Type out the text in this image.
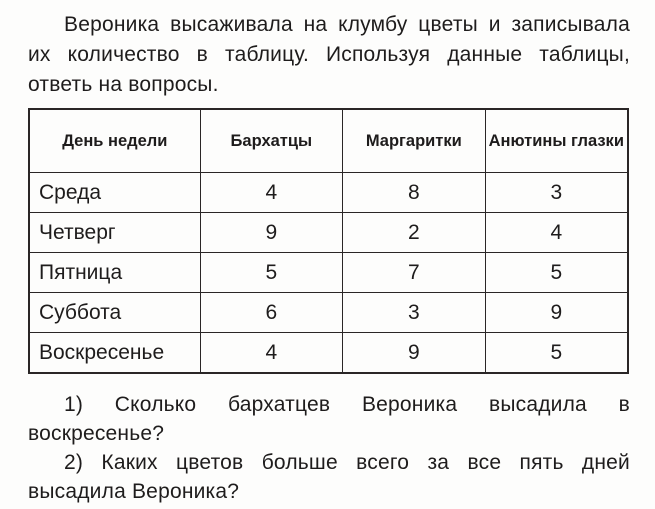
Вероника высаживала на клумбу цветы и записывала их количество в таблицу. Используя данные таблицы, ответь на вопросы.

День недели	Бархатцы	Маргаритки	Анютины глазки
Среда	4	8	3
Четверг	9	2	4
Пятница	5	7	5
Суббота	6	3	9
Воскресенье	4	9	5

1) Сколько бархатцев Вероника высадила в воскресенье?

2) Каких цветов больше всего за все пять дней высадила Вероника?
